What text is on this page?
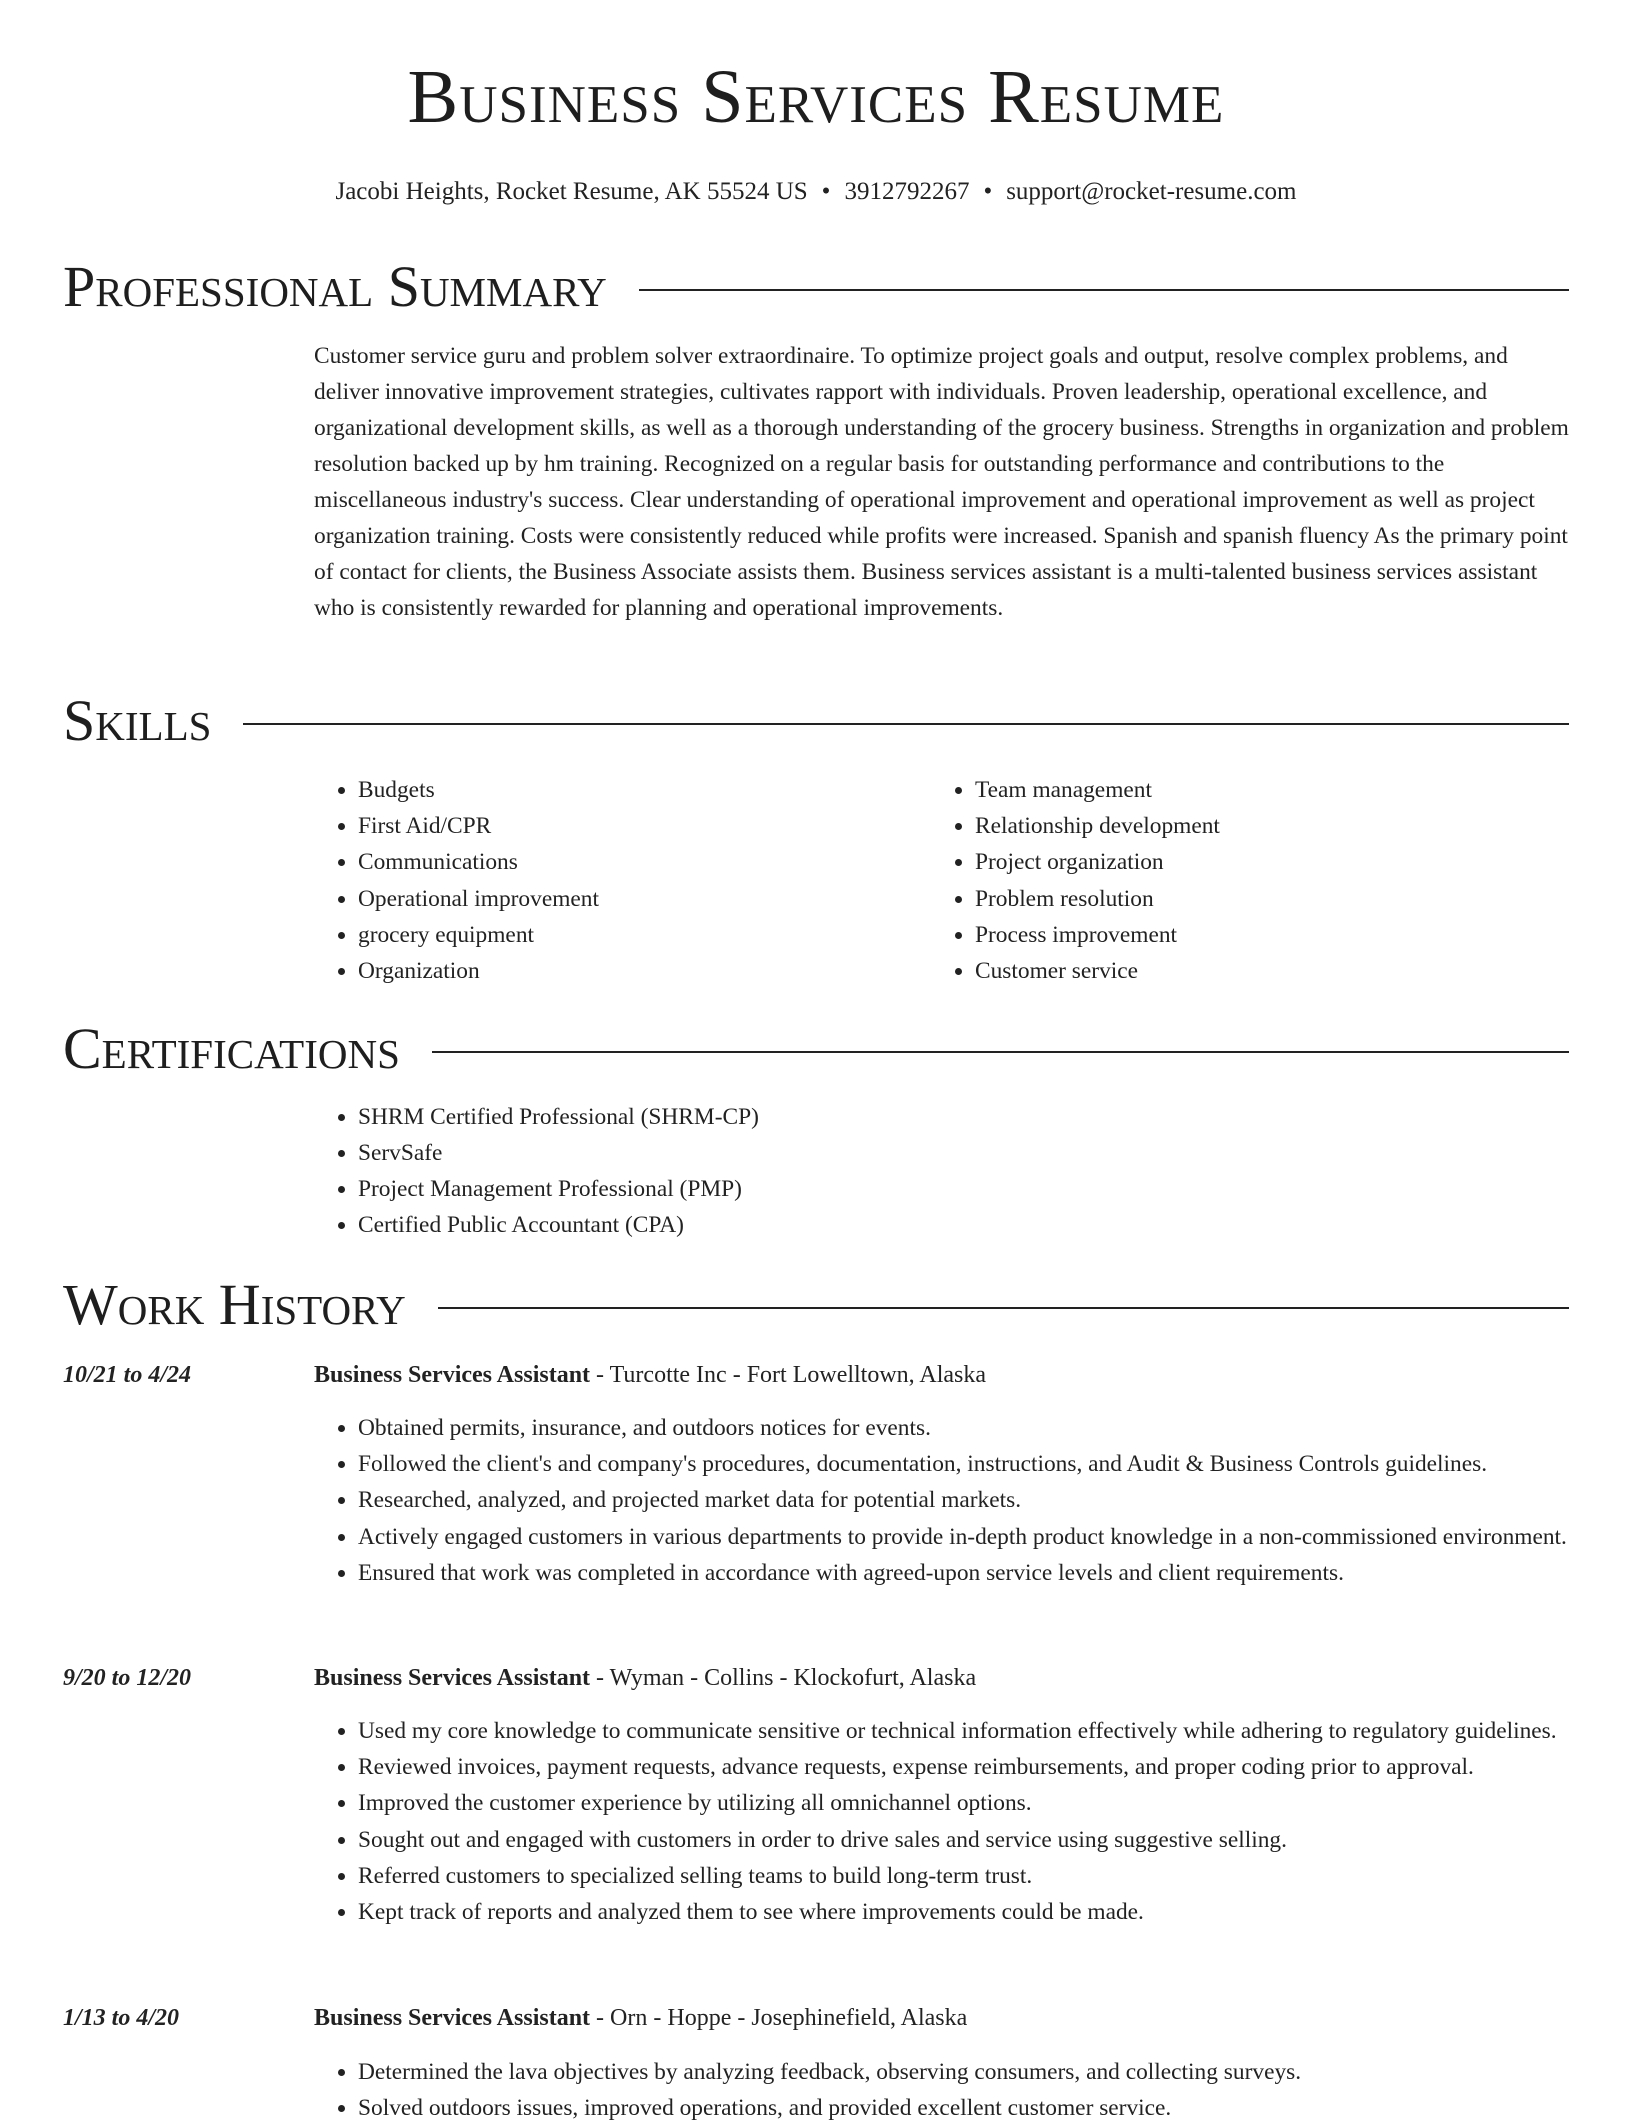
Business Services Resume
Jacobi Heights, Rocket Resume, AK 55524 US • 3912792267 • support@rocket-resume.com
Professional Summary

Customer service guru and problem solver extraordinaire. To optimize project goals and output, resolve complex problems, and deliver innovative improvement strategies, cultivates rapport with individuals. Proven leadership, operational excellence, and organizational development skills, as well as a thorough understanding of the grocery business. Strengths in organization and problem resolution backed up by hm training. Recognized on a regular basis for outstanding performance and contributions to the miscellaneous industry's success. Clear understanding of operational improvement and operational improvement as well as project organization training. Costs were consistently reduced while profits were increased. Spanish and spanish fluency As the primary point of contact for clients, the Business Associate assists them. Business services assistant is a multi-talented business services assistant who is consistently rewarded for planning and operational improvements.

Skills
• Budgets
• First Aid/CPR
• Communications
• Operational improvement
• grocery equipment
• Organization
• Team management
• Relationship development
• Project organization
• Problem resolution
• Process improvement
• Customer service
Certifications
• SHRM Certified Professional (SHRM-CP)
• ServSafe
• Project Management Professional (PMP)
• Certified Public Accountant (CPA)
Work History
10/21 to 4/24	Business Services Assistant - Turcotte Inc - Fort Lowelltown, Alaska
• Obtained permits, insurance, and outdoors notices for events.
• Followed the client's and company's procedures, documentation, instructions, and Audit & Business Controls guidelines.
• Researched, analyzed, and projected market data for potential markets.
• Actively engaged customers in various departments to provide in-depth product knowledge in a non-commissioned environment.
• Ensured that work was completed in accordance with agreed-upon service levels and client requirements.
9/20 to 12/20	Business Services Assistant - Wyman - Collins - Klockofurt, Alaska
• Used my core knowledge to communicate sensitive or technical information effectively while adhering to regulatory guidelines.
• Reviewed invoices, payment requests, advance requests, expense reimbursements, and proper coding prior to approval.
• Improved the customer experience by utilizing all omnichannel options.
• Sought out and engaged with customers in order to drive sales and service using suggestive selling.
• Referred customers to specialized selling teams to build long-term trust.
• Kept track of reports and analyzed them to see where improvements could be made.
1/13 to 4/20	Business Services Assistant - Orn - Hoppe - Josephinefield, Alaska
• Determined the lava objectives by analyzing feedback, observing consumers, and collecting surveys.
• Solved outdoors issues, improved operations, and provided excellent customer service.
